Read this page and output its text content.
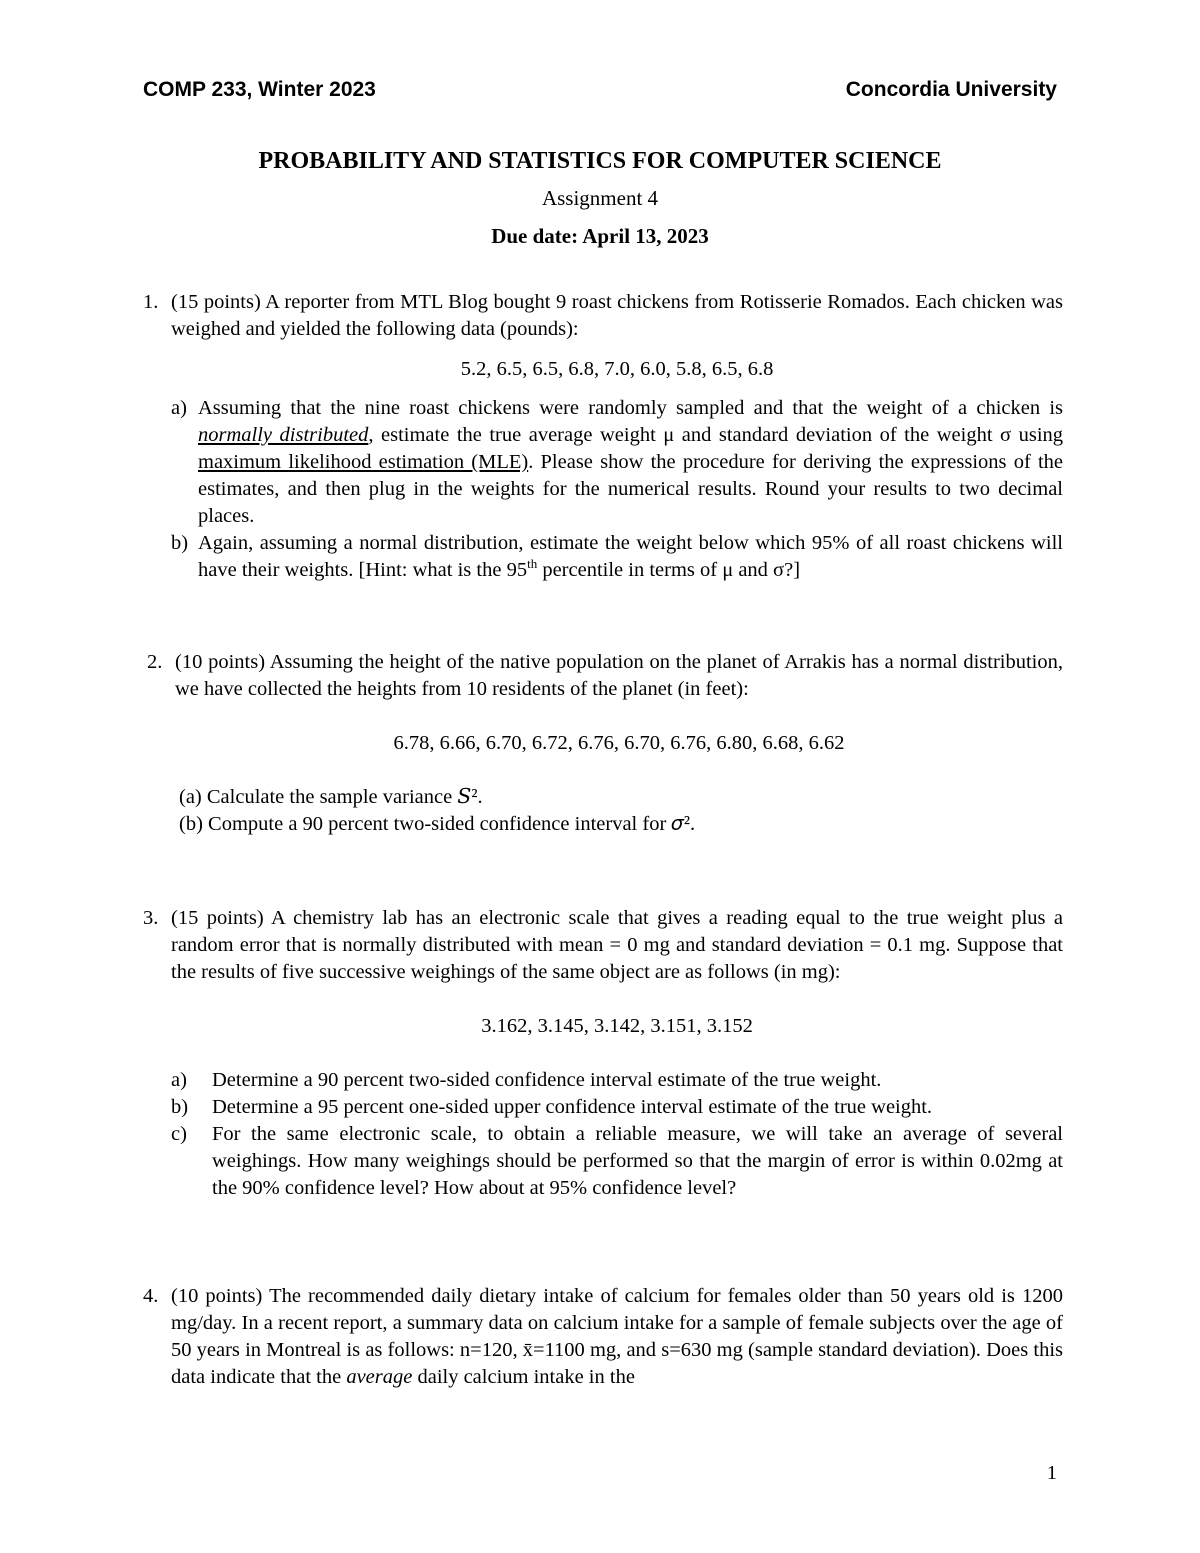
COMP 233, Winter 2023	Concordia University

PROBABILITY AND STATISTICS FOR COMPUTER SCIENCE

Assignment 4

Due date: April 13, 2023

1. (15 points) A reporter from MTL Blog bought 9 roast chickens from Rotisserie Romados. Each chicken was weighed and yielded the following data (pounds):

5.2, 6.5, 6.5, 6.8, 7.0, 6.0, 5.8, 6.5, 6.8

a) Assuming that the nine roast chickens were randomly sampled and that the weight of a chicken is normally distributed, estimate the true average weight μ and standard deviation of the weight σ using maximum likelihood estimation (MLE). Please show the procedure for deriving the expressions of the estimates, and then plug in the weights for the numerical results. Round your results to two decimal places.
b) Again, assuming a normal distribution, estimate the weight below which 95% of all roast chickens will have their weights. [Hint: what is the 95th percentile in terms of μ and σ?]
2. (10 points) Assuming the height of the native population on the planet of Arrakis has a normal distribution, we have collected the heights from 10 residents of the planet (in feet):

6.78, 6.66, 6.70, 6.72, 6.76, 6.70, 6.76, 6.80, 6.68, 6.62

(a) Calculate the sample variance 𝑆².

(b) Compute a 90 percent two-sided confidence interval for 𝜎².

3. (15 points) A chemistry lab has an electronic scale that gives a reading equal to the true weight plus a random error that is normally distributed with mean = 0 mg and standard deviation = 0.1 mg. Suppose that the results of five successive weighings of the same object are as follows (in mg):

3.162, 3.145, 3.142, 3.151, 3.152

a) Determine a 90 percent two-sided confidence interval estimate of the true weight.
b) Determine a 95 percent one-sided upper confidence interval estimate of the true weight.
c) For the same electronic scale, to obtain a reliable measure, we will take an average of several weighings. How many weighings should be performed so that the margin of error is within 0.02mg at the 90% confidence level? How about at 95% confidence level?
4. (10 points) The recommended daily dietary intake of calcium for females older than 50 years old is 1200 mg/day. In a recent report, a summary data on calcium intake for a sample of female subjects over the age of 50 years in Montreal is as follows: n=120, x̄=1100 mg, and s=630 mg (sample standard deviation). Does this data indicate that the average daily calcium intake in the

1
